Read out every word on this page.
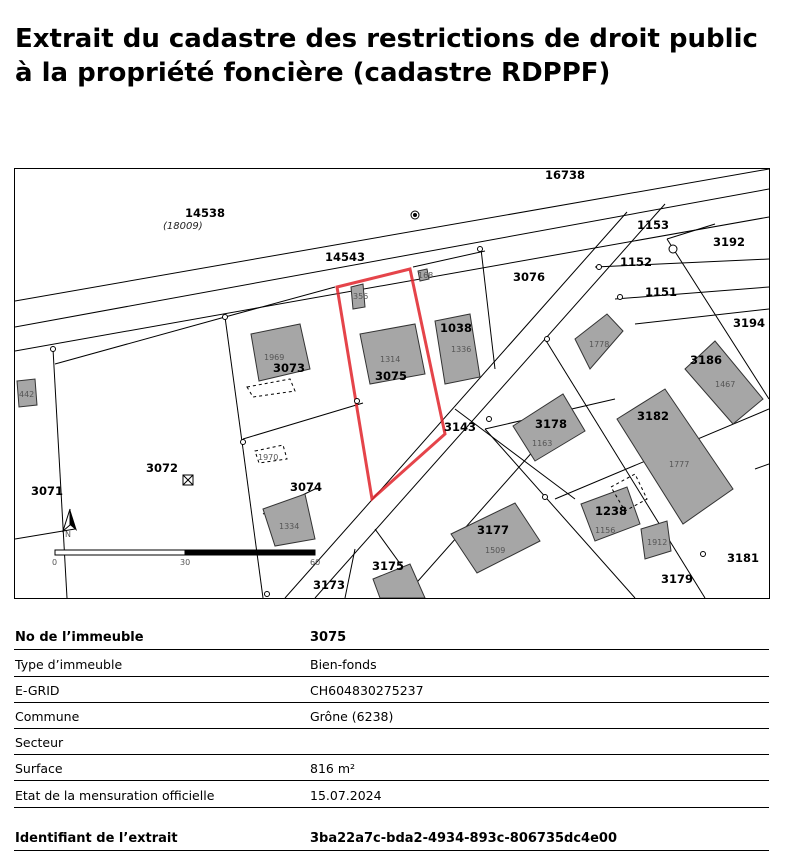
Extrait du cadastre des restrictions de droit public à la propriété foncière (cadastre RDPPF)
16738
14538
(18009)
14543
3076
1153
3192
1152
1151
3194
1038
3073
3075
3186
3178
3182
3143
3072
3074
3071
1238
3177
3181
3175
3173	3179
1969	1314
1336
1778
1467
1163
1777
1970
1334	1156
1509
1912
356
168
442
N
0	30	60
No de l’immeuble	3075
Type d’immeuble	Bien-fonds
E-GRID	CH604830275237
Commune	Grône (6238)
Secteur
Surface	816 m²
Etat de la mensuration officielle	15.07.2024
Identifiant de l’extrait	3ba22a7c-bda2-4934-893c-806735dc4e00
